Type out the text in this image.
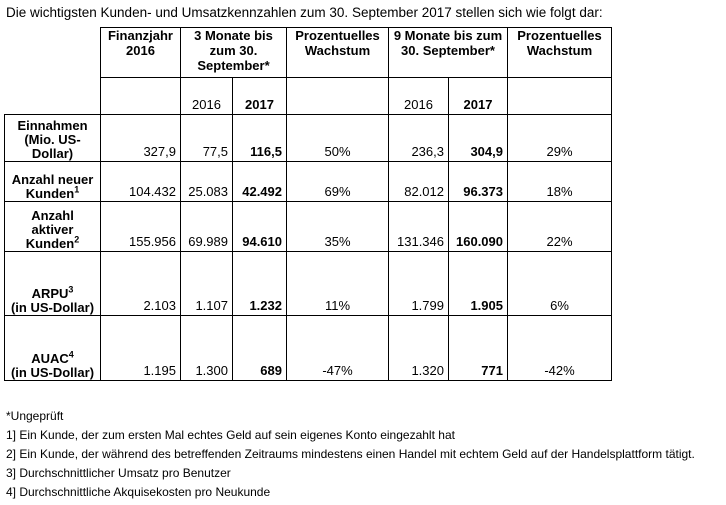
Die wichtigsten Kunden- und Umsatzkennzahlen zum 30. September 2017 stellen sich wie folgt dar:
	Finanzjahr 2016	3 Monate bis zum 30. September*		Prozentuelles Wachstum	9 Monate bis zum 30. September*		Prozentuelles Wachstum
		2016	2017		2016	2017	
Einnahmen (Mio. US-Dollar)	327,9	77,5	116,5	50%	236,3	304,9	29%
Anzahl neuer Kunden$^1$	104.432	25.083	42.492	69%	82.012	96.373	18%
Anzahl aktiver Kunden$^2$	155.956	69.989	94.610	35%	131.346	160.090	22%
ARPU$^3$
(in US-Dollar)	2.103	1.107	1.232	11%	1.799	1.905	6%
AUAC$^4$
(in US-Dollar)	1.195	1.300	689	-47%	1.320	771	-42%
*Ungeprüft
1] Ein Kunde, der zum ersten Mal echtes Geld auf sein eigenes Konto eingezahlt hat
2] Ein Kunde, der während des betreffenden Zeitraums mindestens einen Handel mit echtem Geld auf der Handelsplattform tätigt.
3] Durchschnittlicher Umsatz pro Benutzer
4] Durchschnittliche Akquisekosten pro Neukunde
